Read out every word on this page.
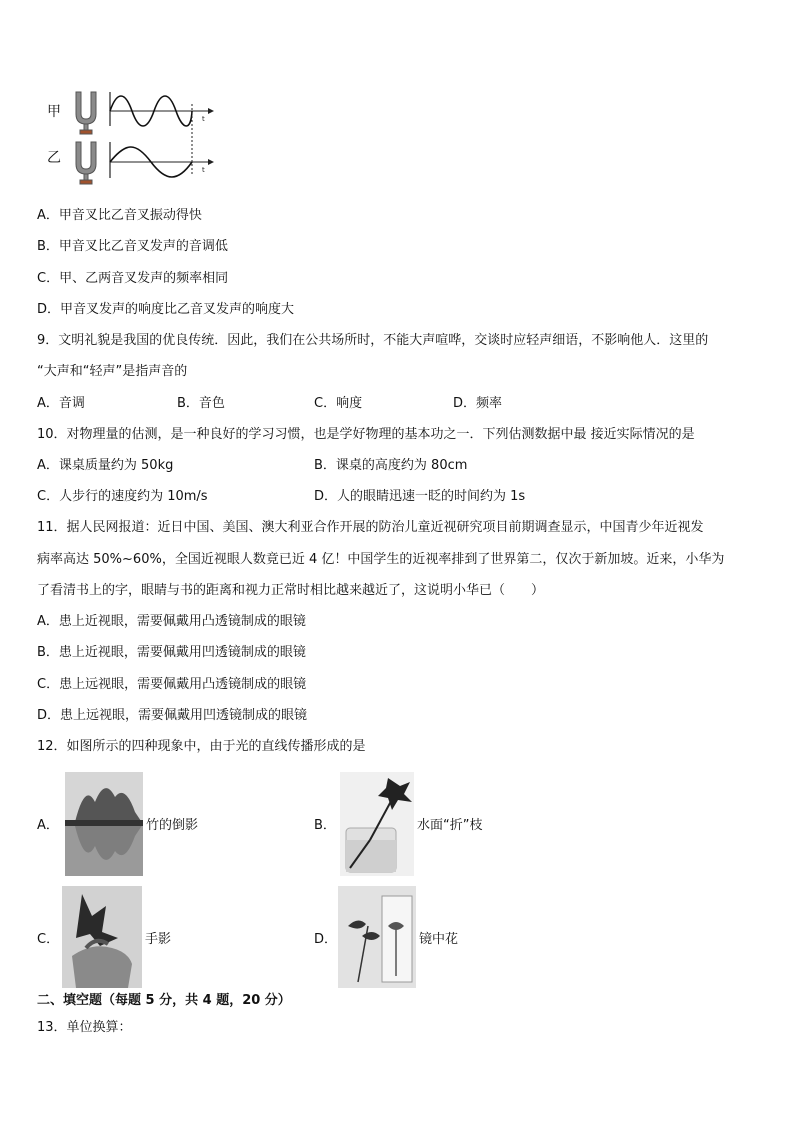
甲
乙
t
t
A．甲音叉比乙音叉振动得快
B．甲音叉比乙音叉发声的音调低
C．甲、乙两音叉发声的频率相同
D．甲音叉发声的响度比乙音叉发声的响度大
9．文明礼貌是我国的优良传统．因此，我们在公共场所时，不能大声喧哗，交谈时应轻声细语，不影响他人．这里的
“大声和“轻声”是指声音的
A．音调	B．音色	C．响度	D．频率
10．对物理量的估测，是一种良好的学习习惯，也是学好物理的基本功之一．下列估测数据中最 接近实际情况的是
A．课桌质量约为 50kg	B．课桌的高度约为 80cm
C．人步行的速度约为 10m/s	D．人的眼睛迅速一眨的时间约为 1s
11．据人民网报道：近日中国、美国、澳大利亚合作开展的防治儿童近视研究项目前期调查显示，中国青少年近视发
病率高达 50%~60%，全国近视眼人数竟已近 4 亿！中国学生的近视率排到了世界第二，仅次于新加坡。近来，小华为
了看清书上的字，眼睛与书的距离和视力正常时相比越来越近了，这说明小华已（　　）
A．患上近视眼，需要佩戴用凸透镜制成的眼镜
B．患上近视眼，需要佩戴用凹透镜制成的眼镜
C．患上远视眼，需要佩戴用凸透镜制成的眼镜
D．患上远视眼，需要佩戴用凹透镜制成的眼镜
12．如图所示的四种现象中，由于光的直线传播形成的是
A．	竹的倒影	B．	水面“折”枝
C．	手影	D．	镜中花
二、填空题（每题 5 分，共 4 题，20 分）
13．单位换算：
